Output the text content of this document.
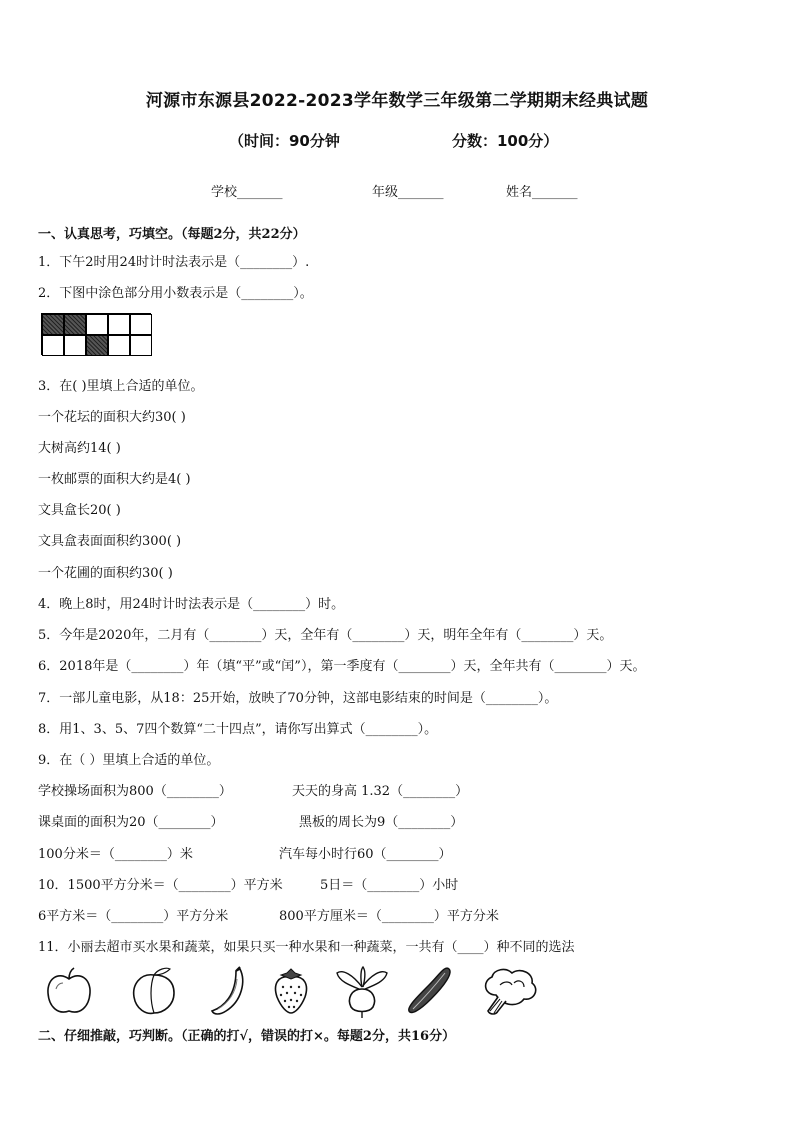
河源市东源县2022-2023学年数学三年级第二学期期末经典试题
（时间：90分钟	分数：100分）
学校_______	年级_______	姓名_______
一、认真思考，巧填空。（每题2分，共22分）
1．下午2时用24时计时法表示是（________）.
2．下图中涂色部分用小数表示是（________）。
3．在( )里填上合适的单位。
一个花坛的面积大约30( )
大树高约14( )
一枚邮票的面积大约是4( )
文具盒长20( )
文具盒表面面积约300( )
一个花圃的面积约30( )
4．晚上8时，用24时计时法表示是（________）时。
5．今年是2020年，二月有（________）天，全年有（________）天，明年全年有（________）天。
6．2018年是（________）年（填“平”或“闰”），第一季度有（________）天，全年共有（________）天。
7．一部儿童电影，从18：25开始，放映了70分钟，这部电影结束的时间是（________）。
8．用1、3、5、7四个数算“二十四点”，请你写出算式（________）。
9．在（ ）里填上合适的单位。
学校操场面积为800（________）	天天的身高 1.32（________）
课桌面的面积为20（________）	黑板的周长为9（________）
100分米＝（________）米	汽车每小时行60（________）
10．1500平方分米＝（________）平方米	5日＝（________）小时
6平方米＝（________）平方分米	800平方厘米＝（________）平方分米
11．小丽去超市买水果和蔬菜，如果只买一种水果和一种蔬菜，一共有（____）种不同的选法
二、仔细推敲，巧判断。（正确的打√，错误的打×。每题2分，共16分）
